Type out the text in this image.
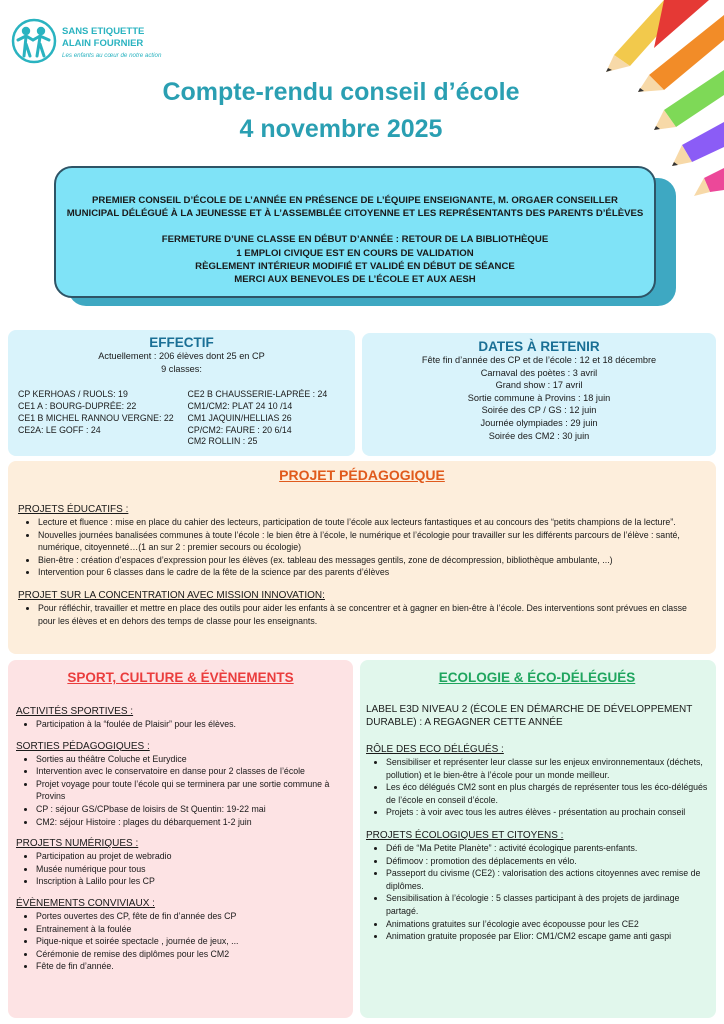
SANS ETIQUETTE
ALAIN FOURNIER
Les enfants au cœur de notre action
Compte-rendu conseil d’école
4 novembre 2025
PREMIER CONSEIL D’ÉCOLE DE L’ANNÉE EN PRÉSENCE DE L’ÉQUIPE ENSEIGNANTE, M. ORGAER CONSEILLER
MUNICIPAL DÉLÉGUÉ À LA JEUNESSE ET À L’ASSEMBLÉE CITOYENNE ET LES REPRÉSENTANTS DES PARENTS D’ÉLÈVES
FERMETURE D’UNE CLASSE EN DÉBUT D’ANNÉE : RETOUR DE LA BIBLIOTHÈQUE
1 EMPLOI CIVIQUE EST EN COURS DE VALIDATION
RÈGLEMENT INTÉRIEUR MODIFIÉ ET VALIDÉ EN DÉBUT DE SÉANCE
MERCI AUX BENEVOLES DE L’ÉCOLE ET AUX AESH
EFFECTIF
Actuellement : 206 élèves dont 25 en CP
9 classes:
CP KERHOAS / RUOLS: 19
CE1 A : BOURG-DUPRÉE: 22
CE1 B MICHEL RANNOU VERGNE: 22
CE2A: LE GOFF : 24
CE2 B CHAUSSERIE-LAPRÉE : 24
CM1/CM2: PLAT 24 10 /14
CM1 JAQUIN/HELLIAS 26
CP/CM2: FAURE : 20 6/14
CM2 ROLLIN : 25
DATES À RETENIR
Fête fin d’année des CP et de l’école : 12 et 18 décembre
Carnaval des poètes : 3 avril
Grand show : 17 avril
Sortie commune à Provins : 18 juin
Soirée des CP / GS : 12 juin
Journée olympiades : 29 juin
Soirée des CM2 : 30 juin
PROJET PÉDAGOGIQUE
PROJETS ÉDUCATIFS :
• Lecture et fluence : mise en place du cahier des lecteurs, participation de toute l’école aux lecteurs fantastiques et au concours des “petits champions de la lecture”.
• Nouvelles journées banalisées communes à toute l’école : le bien être à l’école, le numérique et l’écologie pour travailler sur les différents parcours de l’élève : santé, numérique, citoyenneté…(1 an sur 2 : premier secours ou écologie)
• Bien-être : création d’espaces d’expression pour les élèves (ex. tableau des messages gentils, zone de décompression, bibliothèque ambulante, ...)
• Intervention pour 6 classes dans le cadre de la fête de la science par des parents d’élèves
PROJET SUR LA CONCENTRATION AVEC MISSION INNOVATION:
• Pour réfléchir, travailler et mettre en place des outils pour aider les enfants à se concentrer et à gagner en bien-être à l’école. Des interventions sont prévues en classe pour les élèves et en dehors des temps de classe pour les enseignants.
SPORT, CULTURE & ÉVÈNEMENTS
ACTIVITÉS SPORTIVES :
• Participation à la “foulée de Plaisir” pour les élèves.
SORTIES PÉDAGOGIQUES :
• Sorties au théâtre Coluche et Eurydice
• Intervention avec le conservatoire en danse pour 2 classes de l’école
• Projet voyage pour toute l’école qui se terminera par une sortie commune à Provins
• CP : séjour GS/CPbase de loisirs de St Quentin: 19-22 mai
• CM2: séjour Histoire : plages du débarquement 1-2 juin
PROJETS NUMÉRIQUES :
• Participation au projet de webradio
• Musée numérique pour tous
• Inscription à Lalilo pour les CP
ÉVÈNEMENTS CONVIVIAUX :
• Portes ouvertes des CP, fête de fin d’année des CP
• Entrainement à la foulée
• Pique-nique et soirée spectacle , journée de jeux, ...
• Cérémonie de remise des diplômes pour les CM2
• Fête de fin d’année.
ECOLOGIE & ÉCO-DÉLÉGUÉS
LABEL E3D NIVEAU 2 (ÉCOLE EN DÉMARCHE DE DÉVELOPPEMENT DURABLE) : A REGAGNER CETTE ANNÉE
RÔLE DES ECO DÉLÉGUÉS :
• Sensibiliser et représenter leur classe sur les enjeux environnementaux (déchets, pollution) et le bien-être à l’école pour un monde meilleur.
• Les éco délégués CM2 sont en plus chargés de représenter tous les éco-délégués de l’école en conseil d’école.
• Projets : à voir avec tous les autres élèves - présentation au prochain conseil
PROJETS ÉCOLOGIQUES ET CITOYENS :
• Défi de “Ma Petite Planète” : activité écologique parents-enfants.
• Défimoov : promotion des déplacements en vélo.
• Passeport du civisme (CE2) : valorisation des actions citoyennes avec remise de diplômes.
• Sensibilisation à l’écologie : 5 classes participant à des projets de jardinage partagé.
• Animations gratuites sur l’écologie avec écopousse pour les CE2
• Animation gratuite proposée par Elior: CM1/CM2 escape game anti gaspi
